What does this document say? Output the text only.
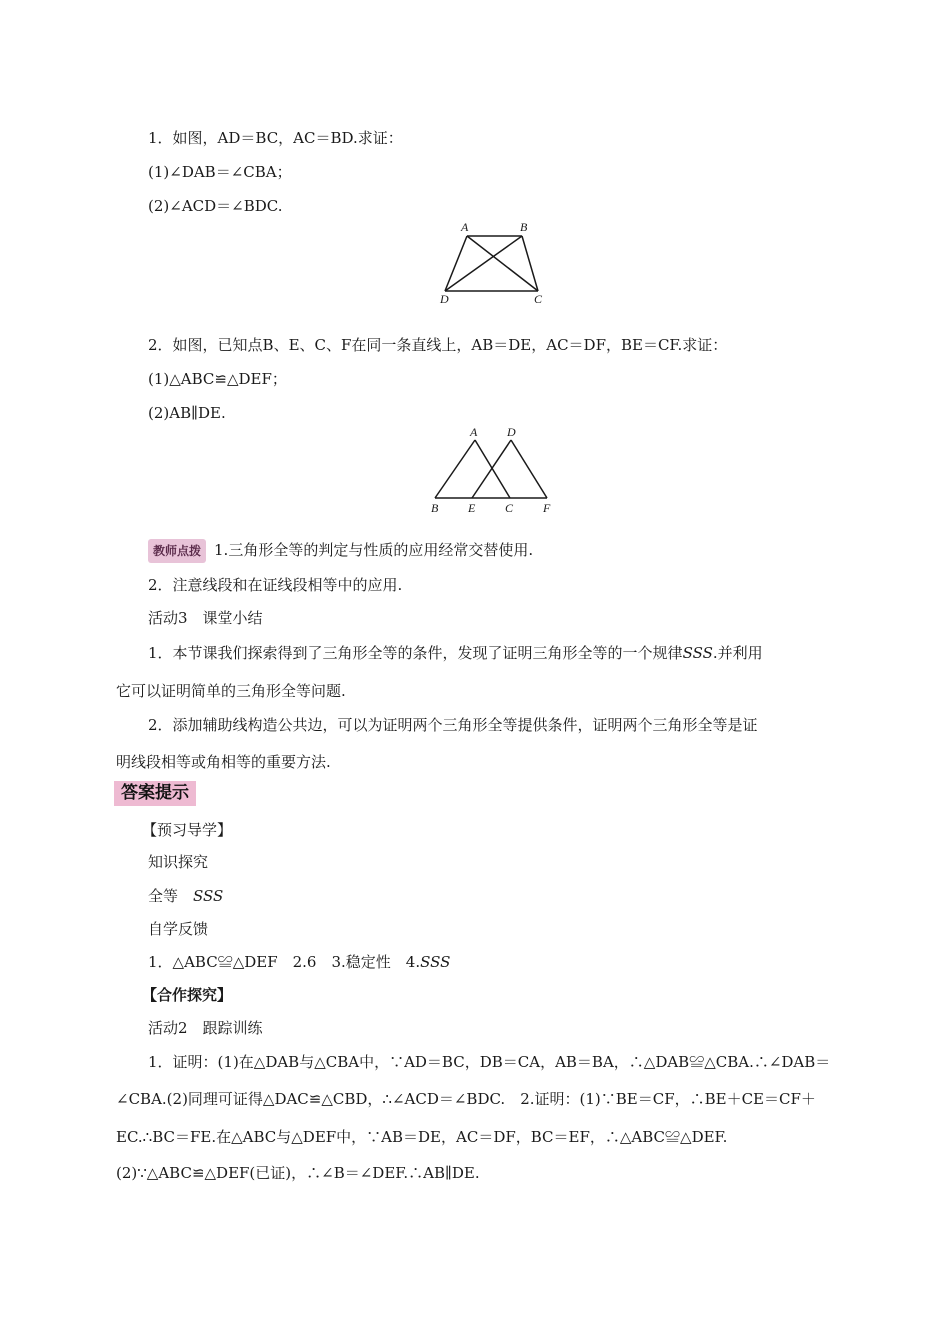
1．如图，AD＝BC，AC＝BD.求证：
(1)∠DAB＝∠CBA；
(2)∠ACD＝∠BDC.
A	B
D	C
2．如图，已知点B、E、C、F在同一条直线上，AB＝DE，AC＝DF，BE＝CF.求证：
(1)△ABC≌△DEF；
(2)AB∥DE.
A D
B E C F
教师点拨 1.三角形全等的判定与性质的应用经常交替使用.
2．注意线段和在证线段相等中的应用.
活动3　课堂小结
1．本节课我们探索得到了三角形全等的条件，发现了证明三角形全等的一个规律SSS.并利用
它可以证明简单的三角形全等问题.
2．添加辅助线构造公共边，可以为证明两个三角形全等提供条件，证明两个三角形全等是证
明线段相等或角相等的重要方法.
答案提示
【预习导学】
知识探究
全等　SSS
自学反馈
1．△ABC≌△DEF　2.6　3.稳定性　4.SSS
【合作探究】
活动2　跟踪训练
1．证明：(1)在△DAB与△CBA中，∵AD＝BC，DB＝CA，AB＝BA，∴△DAB≌△CBA.∴∠DAB＝
∠CBA.(2)同理可证得△DAC≌△CBD，∴∠ACD＝∠BDC.　2.证明：(1)∵BE＝CF，∴BE＋CE＝CF＋
EC.∴BC＝FE.在△ABC与△DEF中，∵AB＝DE，AC＝DF，BC＝EF，∴△ABC≌△DEF.
(2)∵△ABC≌△DEF(已证)，∴∠B＝∠DEF.∴AB∥DE.
